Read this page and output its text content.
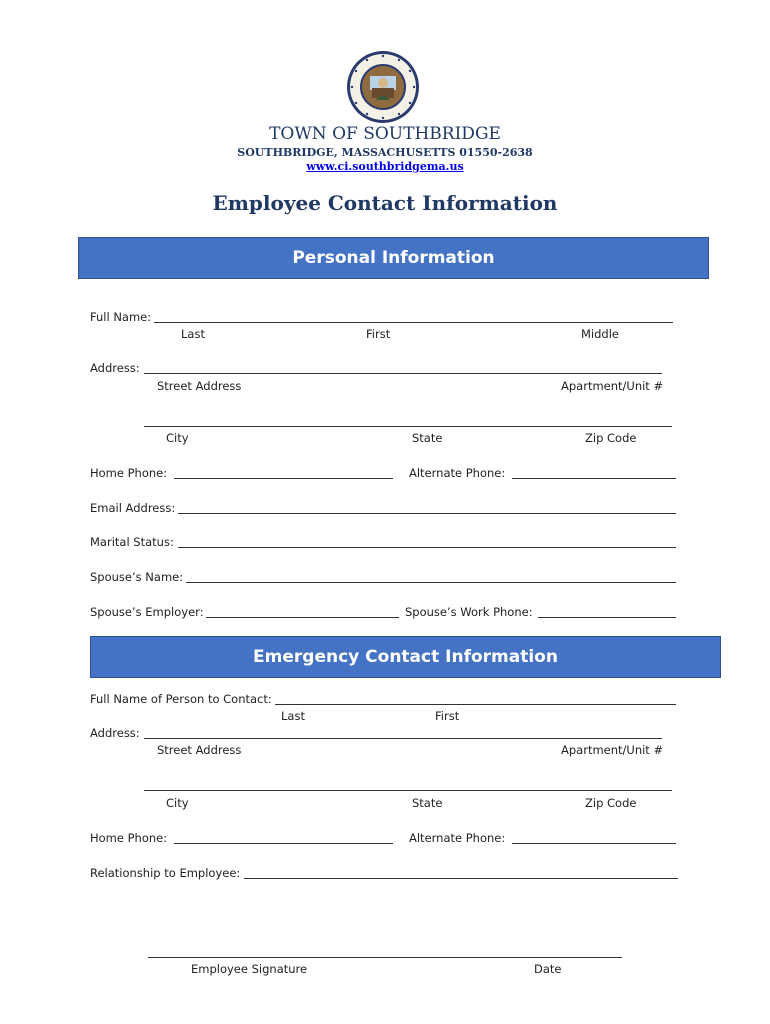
TOWN OF SOUTHBRIDGE
SOUTHBRIDGE, MASSACHUSETTS 01550-2638
www.ci.southbridgema.us
Employee Contact Information
Personal Information
Full Name:
Last	First	Middle
Address:
Street Address	Apartment/Unit #
City	State	Zip Code
Home Phone:	Alternate Phone:
Email Address:
Marital Status:
Spouse’s Name:
Spouse’s Employer:	Spouse’s Work Phone:
Emergency Contact Information
Full Name of Person to Contact:
Last	First
Address:
Street Address	Apartment/Unit #
City	State	Zip Code
Home Phone:	Alternate Phone:
Relationship to Employee:
Employee Signature	Date
